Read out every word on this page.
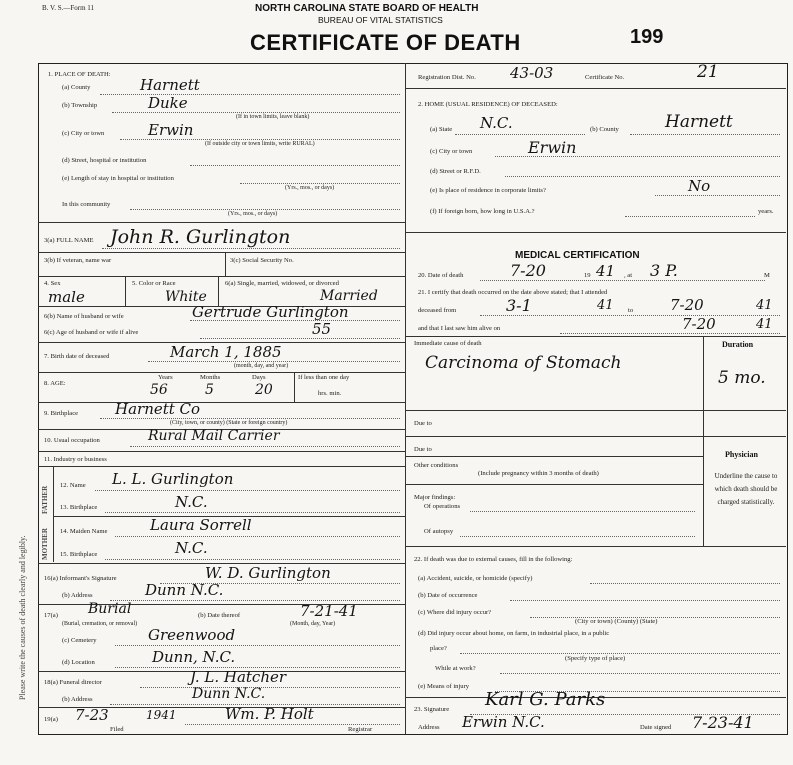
Please write the causes of death clearly and legibly.
B. V. S.—Form 11	NORTH CAROLINA STATE BOARD OF HEALTH
BUREAU OF VITAL STATISTICS
CERTIFICATE OF DEATH	199
1. PLACE OF DEATH:
(a) County	Harnett
(b) Township	Duke
(If in town limits, leave blank)
(c) City or town	Erwin
(If outside city or town limits, write RURAL)
(d) Street, hospital or institution
(e) Length of stay in hospital or institution
(Yrs., mos., or days)
In this community
(Yrs., mos., or days)
3(a) FULL NAME John R. Gurlington
3(b) If veteran, name war	3(c) Social Security No.
4. Sex
male
5. Color or Race
White
6(a) Single, married, widowed, or divorced
Married
6(b) Name of husband or wife	Gertrude Gurlington
6(c) Age of husband or wife if alive	55
7. Birth date of deceased	March 1, 1885
(month, day, and year)
8. AGE:
Years	Months	Days
56	5	20
If less than one day
hrs. min.
9. Birthplace Harnett Co
(City, town, or county) (State or foreign country)
10. Usual occupation	Rural Mail Carrier
11. Industry or business
FATHER
MOTHER
12. Name L. L. Gurlington
13. Birthplace	N.C.
14. Maiden Name	Laura Sorrell
15. Birthplace	N.C.
16(a) Informant's Signature	W. D. Gurlington
(b) Address	Dunn N.C.
17(a) Burial
(Burial, cremation, or removal)
(b) Date thereof	7-21-41
(Month, day, Year)
(c) Cemetery	Greenwood
(d) Location	Dunn, N.C.
18(a) Funeral director	J. L. Hatcher
(b) Address	Dunn N.C.
19(a) 7-23	1941
Filed
Wm. P. Holt
Registrar
Registration Dist. No. 43-03	Certificate No.	21
2. HOME (USUAL RESIDENCE) OF DECEASED:
(a) State N.C.	(b) County	Harnett
(c) City or town	Erwin
(d) Street or R.F.D.
(e) Is place of residence in corporate limits?	No
(f) If foreign born, how long in U.S.A.?	years.
MEDICAL CERTIFICATION
20. Date of death	7-20	19 41 , at 3 P.	M
21. I certify that death occurred on the date above stated; that I attended
deceased from	3-1	41 to 7-20	41
and that I last saw him alive on	7-20	41
Immediate cause of death	Duration
Carcinoma of Stomach
5 mo.
Due to
Due to
Other conditions
(Include pregnancy within 3 months of death)
Physician
Underline the cause to which death should be charged statistically.
Major findings:
Of operations
Of autopsy
22. If death was due to external causes, fill in the following:
(a) Accident, suicide, or homicide (specify)
(b) Date of occurrence
(c) Where did injury occur?
(City or town) (County) (State)
(d) Did injury occur about home, on farm, in industrial place, in a public
place?
(Specify type of place)
While at work?
(e) Means of injury
23. Signature Karl G. Parks
Address Erwin N.C.	Date signed 7-23-41
